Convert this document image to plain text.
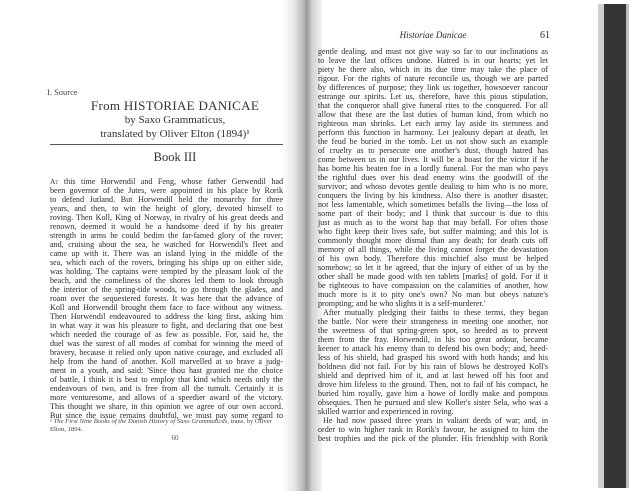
I. Source
From HISTORIAE DANICAE
by Saxo Grammaticus,
translated by Oliver Elton (1894)¹
Book III
At this time Horwendil and Feng, whose father Gerwendil had
been governor of the Jutes, were appointed in his place by Rorik
to defend Jutland. But Horwendil held the monarchy for three
years, and then, to win the height of glory, devoted himself to
roving. Then Koll, King of Norway, in rivalry of his great deeds and
renown, deemed it would be a handsome deed if by his greater
strength in arms he could bedim the far-famed glory of the rover;
and, cruising about the sea, he watched for Horwendil's fleet and
came up with it. There was an island lying in the middle of the
sea, which each of the rovers, bringing his ships up on either side,
was holding. The captains were tempted by the pleasant look of the
beach, and the comeliness of the shores led them to look through
the interior of the spring-tide woods, to go through the glades, and
roam over the sequestered forests. It was here that the advance of
Koll and Horwendil brought them face to face without any witness.
Then Horwendil endeavoured to address the king first, asking him
in what way it was his pleasure to fight, and declaring that one best
which needed the courage of as few as possible. For, said he, the
duel was the surest of all modes of combat for winning the meed of
bravery, because it relied only upon native courage, and excluded all
help from the hand of another. Koll marvelled at so brave a judg-
ment in a youth, and said: 'Since thou hast granted me the choice
of battle, I think it is best to employ that kind which needs only the
endeavours of two, and is free from all the tumult. Certainly it is
more venturesome, and allows of a speedier award of the victory.
This thought we share, in this opinion we agree of our own accord.
But since the issue remains doubtful, we must pay some regard to
¹ The First Nine Books of the Danish History of Saxo Grammaticus, trans. by Oliver
Elton, 1894.
60
Historiae Danicae	61
gentle dealing, and must not give way so far to our inclinations as
to leave the last offices undone. Hatred is in our hearts; yet let
piety be there also, which in its due time may take the place of
rigour. For the rights of nature reconcile us, though we are parted
by differences of purpose; they link us together, howsoever rancour
estrange our spirits. Let us, therefore, have this pious stipulation,
that the conqueror shall give funeral rites to the conquered. For all
allow that these are the last duties of human kind, from which no
righteous man shrinks. Let each army lay aside its sternness and
perform this function in harmony. Let jealousy depart at death, let
the feud be buried in the tomb. Let us not show such an example
of cruelty as to persecute one another's dust, though hatred has
come between us in our lives. It will be a boast for the victor if he
has borne his beaten foe in a lordly funeral. For the man who pays
the rightful dues over his dead enemy wins the goodwill of the
survivor; and whoso devotes gentle dealing to him who is no more,
conquers the living by his kindness. Also there is another disaster,
not less lamentable, which sometimes befalls the living—the loss of
some part of their body; and I think that succour is due to this
just as much as to the worst hap that may befall. For often those
who fight keep their lives safe, but suffer maiming; and this lot is
commonly thought more dismal than any death; for death cuts off
memory of all things, while the living cannot forget the devastation
of his own body. Therefore this mischief also must be helped
somehow; so let it be agreed, that the injury of either of us by the
other shall be made good with ten tablets [marks] of gold. For if it
be righteous to have compassion on the calamities of another, how
much more is it to pity one's own? No man but obeys nature's
prompting; and he who slights it is a self-murderer.'
After mutually pledging their faiths to these terms, they began
the battle. Nor were their strangeness in meeting one another, nor
the sweetness of that spring-green spot, so heeded as to prevent
them from the fray. Horwendil, in his too great ardour, became
keener to attack his enemy than to defend his own body; and, heed-
less of his shield, had grasped his sword with both hands; and his
boldness did not fail. For by his rain of blows he destroyed Koll's
shield and deprived him of it, and at last hewed off his foot and
drove him lifeless to the ground. Then, not to fail of his compact, he
buried him royally, gave him a howe of lordly make and pompous
obsequies. Then he pursued and slew Koller's sister Sela, who was a
skilled warrior and experienced in roving.
He had now passed three years in valiant deeds of war; and, in
order to win higher rank in Rorik's favour, he assigned to him the
best trophies and the pick of the plunder. His friendship with Rorik
